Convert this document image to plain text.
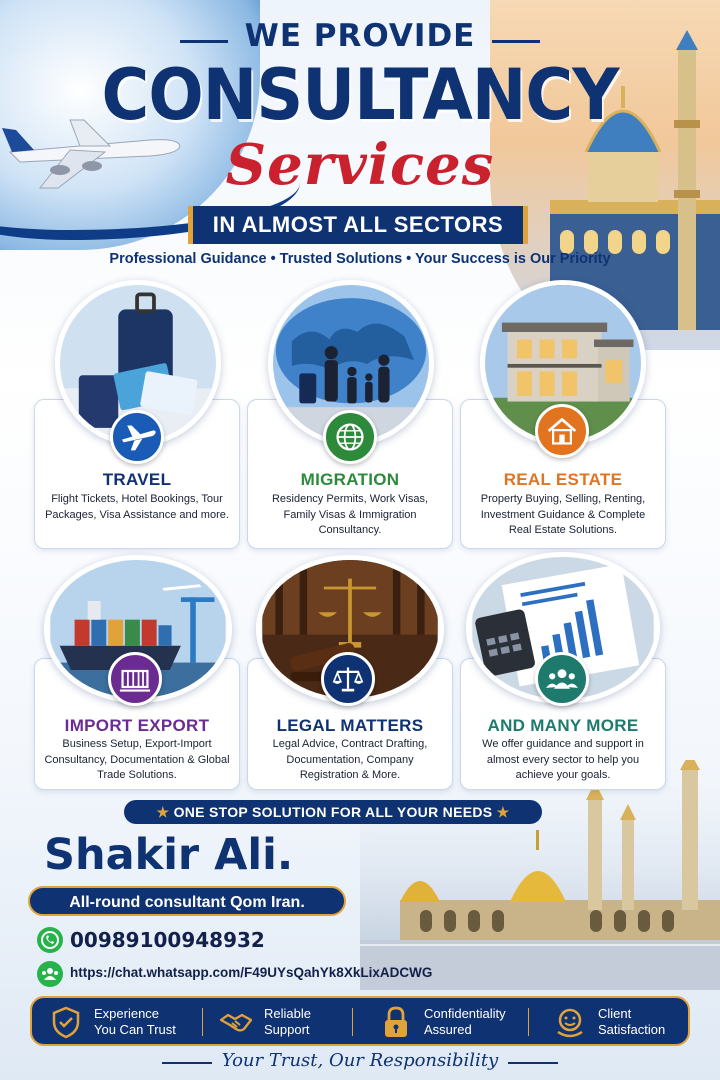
WE PROVIDE
CONSULTANCY
Services
IN ALMOST ALL SECTORS
Professional Guidance • Trusted Solutions • Your Success is Our Priority
TRAVEL
Flight Tickets, Hotel Bookings, Tour Packages, Visa Assistance and more.
MIGRATION
Residency Permits, Work Visas, Family Visas & Immigration Consultancy.
REAL ESTATE
Property Buying, Selling, Renting, Investment Guidance & Complete Real Estate Solutions.
IMPORT EXPORT
Business Setup, Export-Import Consultancy, Documentation & Global Trade Solutions.
LEGAL MATTERS
Legal Advice, Contract Drafting, Documentation, Company Registration & More.
AND MANY MORE
We offer guidance and support in almost every sector to help you achieve your goals.
★ ONE STOP SOLUTION FOR ALL YOUR NEEDS ★
Shakir Ali.
All-round consultant Qom Iran.
00989100948932
https://chat.whatsapp.com/F49UYsQahYk8XkLixADCWG
Experience
You Can Trust
Reliable
Support
Confidentiality
Assured
Client
Satisfaction
Your Trust, Our Responsibility
